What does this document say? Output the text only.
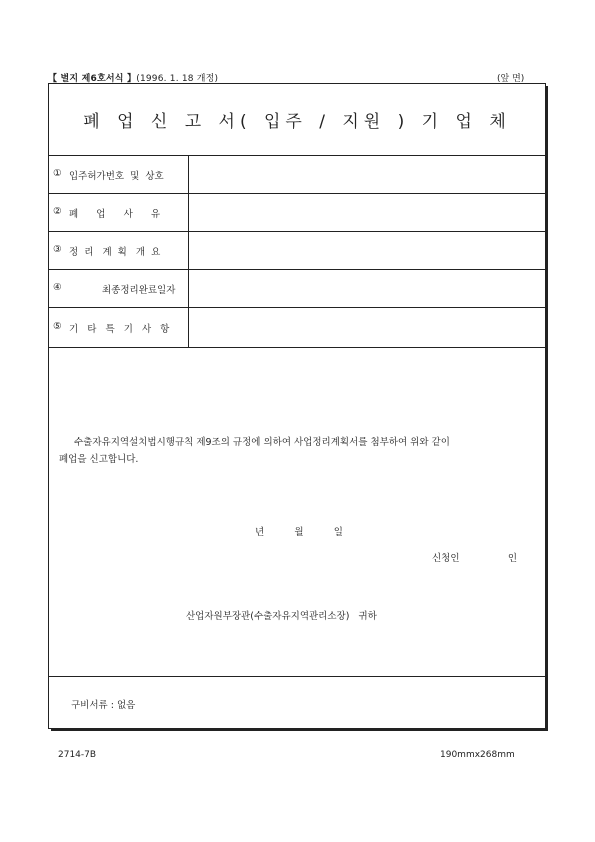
【 별지 제6호서식 】(1996. 1. 18 개정)	(앞 면)
폐 업 신 고 서( 입주 / 지원 ) 기 업 체
① 입주허가번호  및  상호
② 폐      업      사      유
③ 정  리   계  획   개  요
④	최종정리완료일자
⑤ 기   타   특   기   사   항
수출자유지역설치법시행규칙 제9조의 규정에 의하여 사업정리계획서를 첨부하여 위와 같이
폐업을 신고합니다.
년          월          일
신청인                인
산업자원부장관(수출자유지역관리소장)   귀하
구비서류 : 없음
2714-7B	190mmx268mm
